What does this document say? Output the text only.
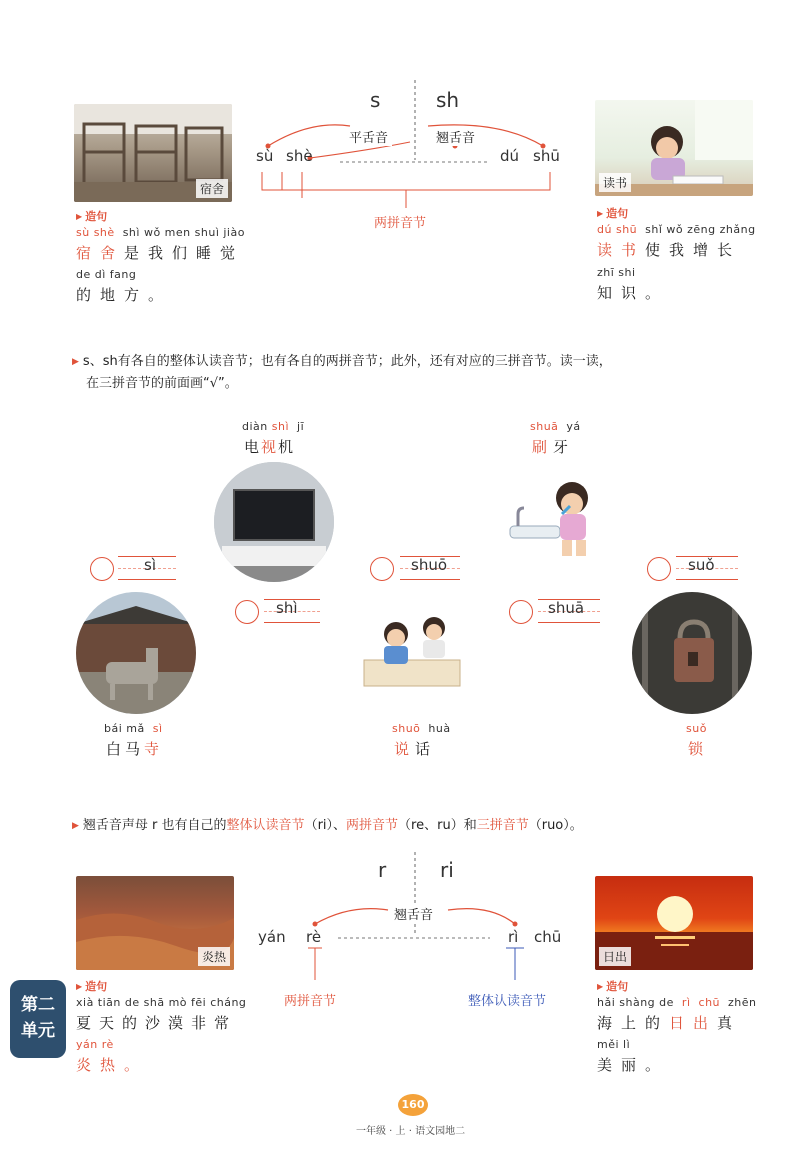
宿舍
s	sh
平舌音	翘舌音
sù shè	dú shū
两拼音节
读书
▶ 造句
sù shè shì wǒ men shuì jiào
宿舍是我们睡觉
de dì fang
的地方。
▶ 造句
dú shū shǐ wǒ zēng zhǎng
读书使我增长
zhī shi
知识。
▶ s、sh有各自的整体认读音节；也有各自的两拼音节；此外，还有对应的三拼音节。读一读，
在三拼音节的前面画“√”。
diàn shì jī
电视机
shuā yá
刷牙
sì
shì
shuō
shuā
suǒ
bái mǎ sì
白马寺
shuō huà
说话
suǒ
锁
▶ 翘舌音声母 r 也有自己的整体认读音节（ri）、两拼音节（re、ru）和三拼音节（ruo）。
炎热
r	ri
翘舌音
yán rè	rì chū
两拼音节	整体认读音节
日出
▶ 造句
xià tiān de shā mò fēi cháng
夏天的沙漠非常
yán rè
炎热。
▶ 造句
hǎi shàng de rì chū zhēn
海上的日出真
měi lì
美丽。
第二
单元
160
一年级 · 上 · 语文园地二
